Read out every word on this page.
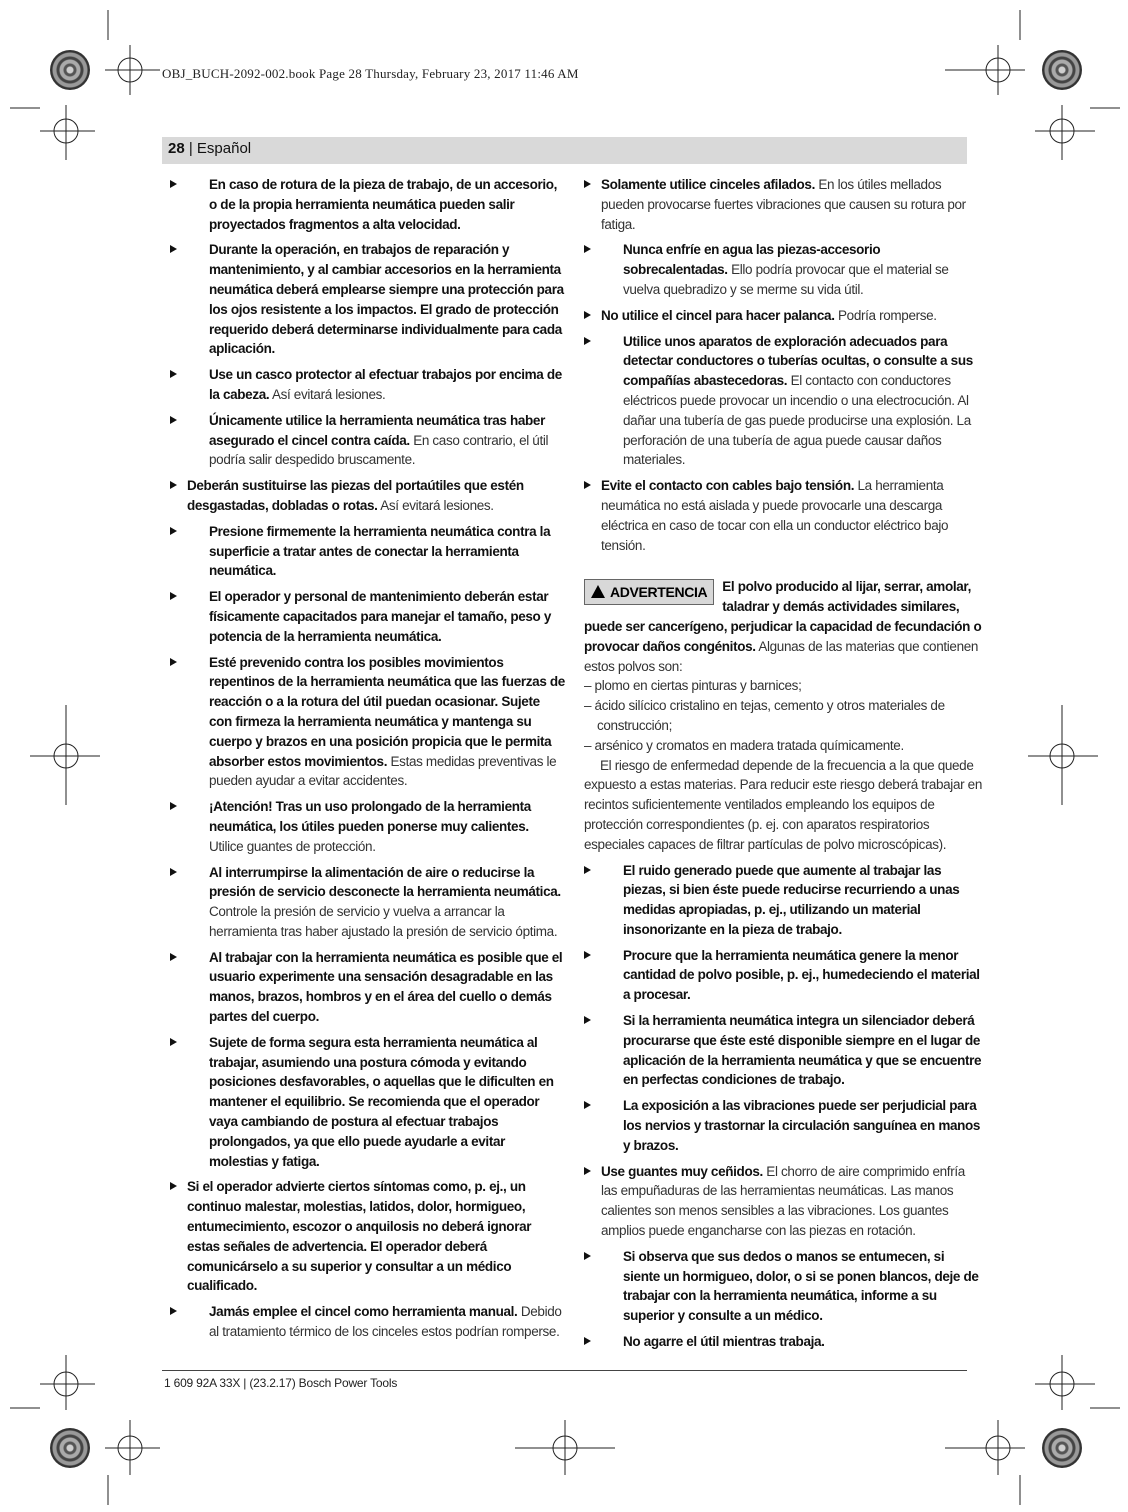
OBJ_BUCH-2092-002.book Page 28 Thursday, February 23, 2017 11:46 AM
28 | Español
En caso de rotura de la pieza de trabajo, de un accesorio, o de la propia herramienta neumática pueden salir proyectados fragmentos a alta velocidad.
Durante la operación, en trabajos de reparación y mantenimiento, y al cambiar accesorios en la herramienta neumática deberá emplearse siempre una protección para los ojos resistente a los impactos. El grado de protección requerido deberá determinarse individualmente para cada aplicación.
Use un casco protector al efectuar trabajos por encima de la cabeza. Así evitará lesiones.
Únicamente utilice la herramienta neumática tras haber asegurado el cincel contra caída. En caso contrario, el útil podría salir despedido bruscamente.
Deberán sustituirse las piezas del portaútiles que estén desgastadas, dobladas o rotas. Así evitará lesiones.
Presione firmemente la herramienta neumática contra la superficie a tratar antes de conectar la herramienta neumática.
El operador y personal de mantenimiento deberán estar físicamente capacitados para manejar el tamaño, peso y potencia de la herramienta neumática.
Esté prevenido contra los posibles movimientos repentinos de la herramienta neumática que las fuerzas de reacción o a la rotura del útil puedan ocasionar. Sujete con firmeza la herramienta neumática y mantenga su cuerpo y brazos en una posición propicia que le permita absorber estos movimientos. Estas medidas preventivas le pueden ayudar a evitar accidentes.
¡Atención! Tras un uso prolongado de la herramienta neumática, los útiles pueden ponerse muy calientes. Utilice guantes de protección.
Al interrumpirse la alimentación de aire o reducirse la presión de servicio desconecte la herramienta neumática. Controle la presión de servicio y vuelva a arrancar la herramienta tras haber ajustado la presión de servicio óptima.
Al trabajar con la herramienta neumática es posible que el usuario experimente una sensación desagradable en las manos, brazos, hombros y en el área del cuello o demás partes del cuerpo.
Sujete de forma segura esta herramienta neumática al trabajar, asumiendo una postura cómoda y evitando posiciones desfavorables, o aquellas que le dificulten en mantener el equilibrio. Se recomienda que el operador vaya cambiando de postura al efectuar trabajos prolongados, ya que ello puede ayudarle a evitar molestias y fatiga.
Si el operador advierte ciertos síntomas como, p. ej., un continuo malestar, molestias, latidos, dolor, hormigueo, entumecimiento, escozor o anquilosis no deberá ignorar estas señales de advertencia. El operador deberá comunicárselo a su superior y consultar a un médico cualificado.
Jamás emplee el cincel como herramienta manual. Debido al tratamiento térmico de los cinceles estos podrían romperse.
Solamente utilice cinceles afilados. En los útiles mellados pueden provocarse fuertes vibraciones que causen su rotura por fatiga.
Nunca enfríe en agua las piezas-accesorio sobrecalentadas. Ello podría provocar que el material se vuelva quebradizo y se merme su vida útil.
No utilice el cincel para hacer palanca. Podría romperse.
Utilice unos aparatos de exploración adecuados para detectar conductores o tuberías ocultas, o consulte a sus compañías abastecedoras. El contacto con conductores eléctricos puede provocar un incendio o una electrocución. Al dañar una tubería de gas puede producirse una explosión. La perforación de una tubería de agua puede causar daños materiales.
Evite el contacto con cables bajo tensión. La herramienta neumática no está aislada y puede provocarle una descarga eléctrica en caso de tocar con ella un conductor eléctrico bajo tensión.
ADVERTENCIA	El polvo producido al lijar, serrar, amolar, taladrar y demás actividades similares, puede ser cancerígeno, perjudicar la capacidad de fecundación o provocar daños congénitos. Algunas de las materias que contienen estos polvos son:

– plomo en ciertas pinturas y barnices;

– ácido silícico cristalino en tejas, cemento y otros materiales de construcción;

– arsénico y cromatos en madera tratada químicamente.

El riesgo de enfermedad depende de la frecuencia a la que quede expuesto a estas materias. Para reducir este riesgo deberá trabajar en recintos suficientemente ventilados empleando los equipos de protección correspondientes (p. ej. con aparatos respiratorios especiales capaces de filtrar partículas de polvo microscópicas).

El ruido generado puede que aumente al trabajar las piezas, si bien éste puede reducirse recurriendo a unas medidas apropiadas, p. ej., utilizando un material insonorizante en la pieza de trabajo.
Procure que la herramienta neumática genere la menor cantidad de polvo posible, p. ej., humedeciendo el material a procesar.
Si la herramienta neumática integra un silenciador deberá procurarse que éste esté disponible siempre en el lugar de aplicación de la herramienta neumática y que se encuentre en perfectas condiciones de trabajo.
La exposición a las vibraciones puede ser perjudicial para los nervios y trastornar la circulación sanguínea en manos y brazos.
Use guantes muy ceñidos. El chorro de aire comprimido enfría las empuñaduras de las herramientas neumáticas. Las manos calientes son menos sensibles a las vibraciones. Los guantes amplios puede engancharse con las piezas en rotación.
Si observa que sus dedos o manos se entumecen, si siente un hormigueo, dolor, o si se ponen blancos, deje de trabajar con la herramienta neumática, informe a su superior y consulte a un médico.
No agarre el útil mientras trabaja.
1 609 92A 33X | (23.2.17) Bosch Power Tools
